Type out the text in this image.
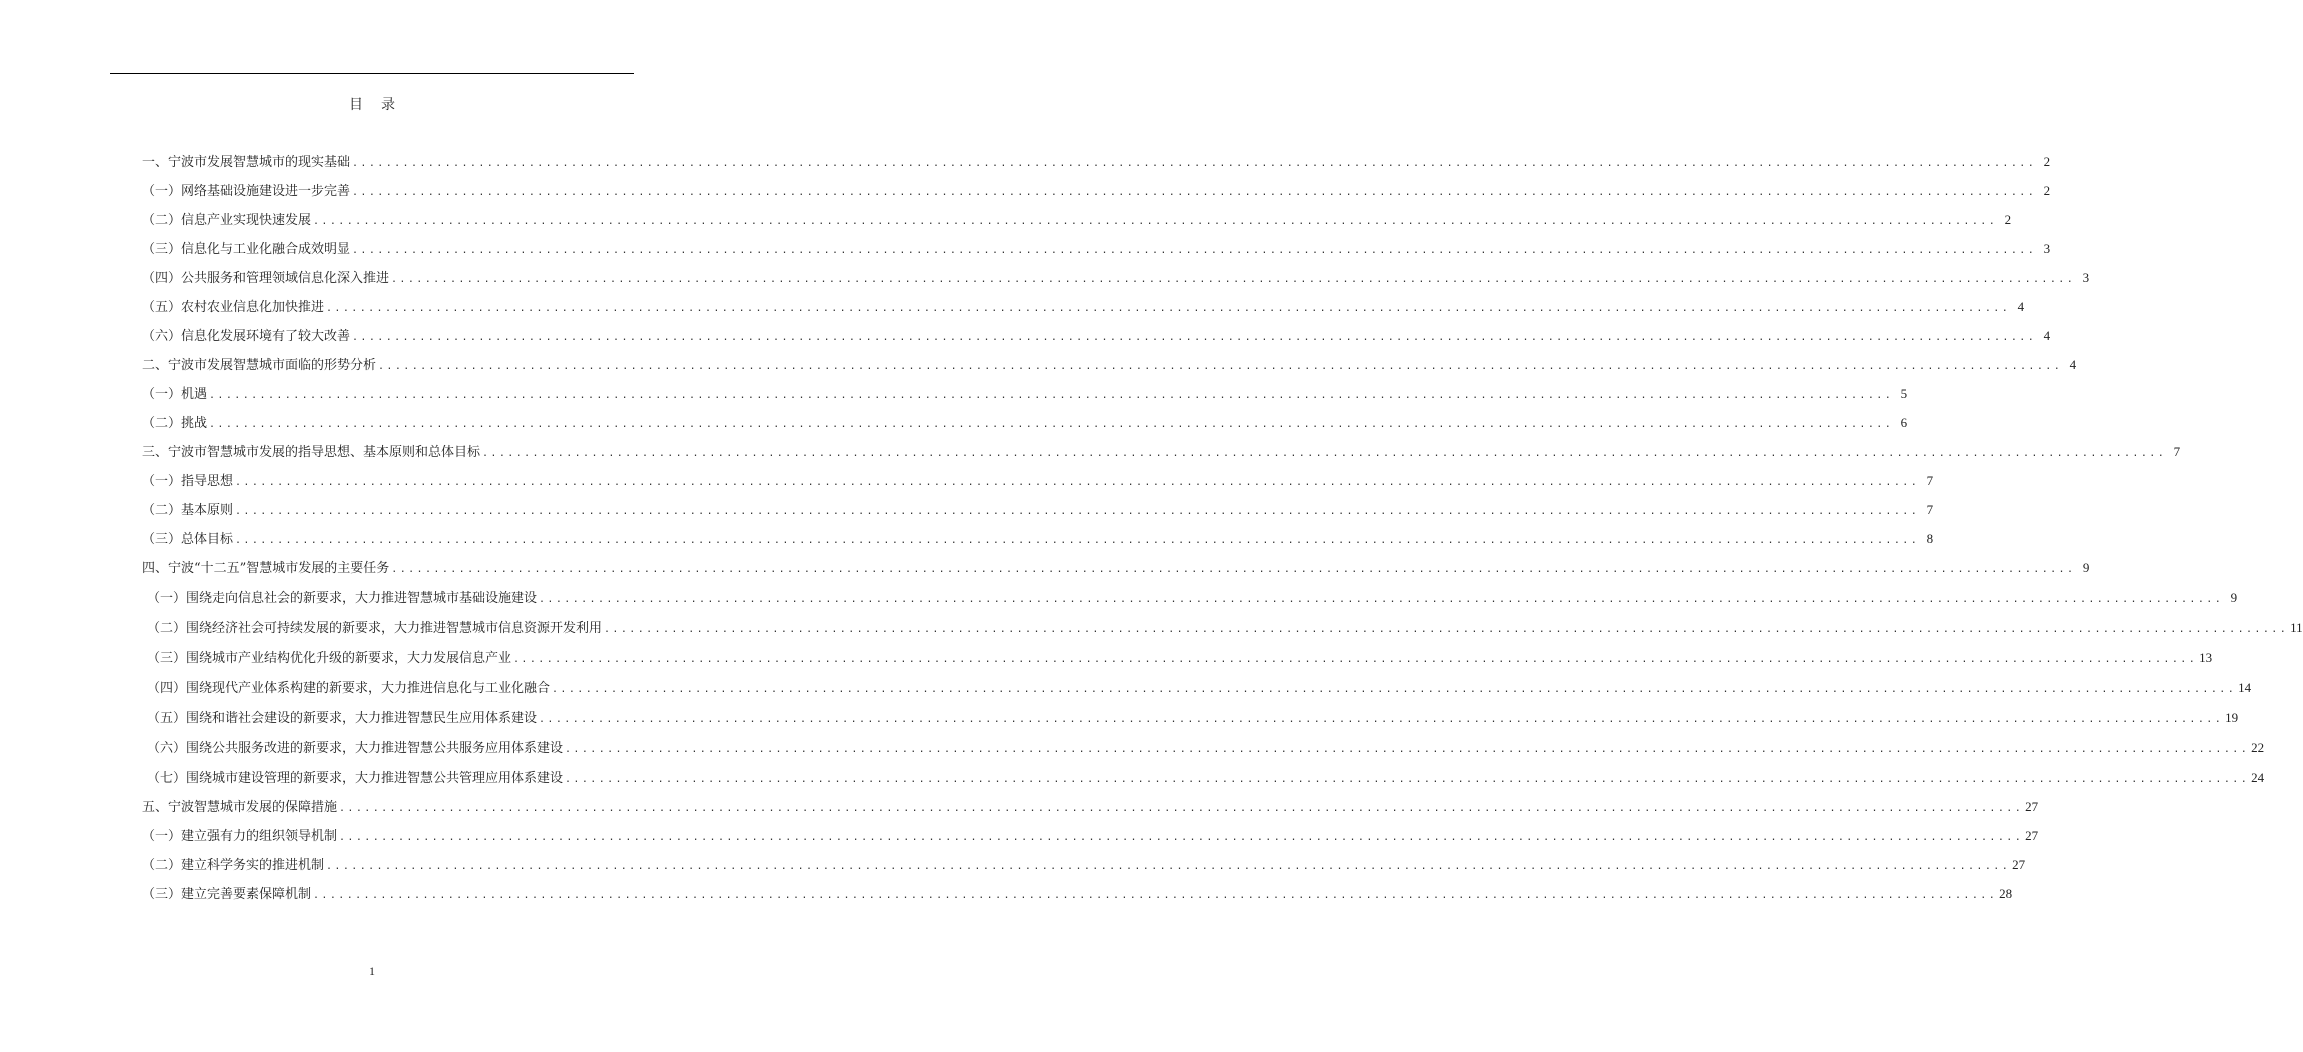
目录
一、宁波市发展智慧城市的现实基础 ........................................................................................................................................................................................................ 2
（一）网络基础设施建设进一步完善 ........................................................................................................................................................................................................ 2
（二）信息产业实现快速发展 ........................................................................................................................................................................................................ 2
（三）信息化与工业化融合成效明显 ........................................................................................................................................................................................................ 3
（四）公共服务和管理领域信息化深入推进 ........................................................................................................................................................................................................ 3
（五）农村农业信息化加快推进 ........................................................................................................................................................................................................ 4
（六）信息化发展环境有了较大改善 ........................................................................................................................................................................................................ 4
二、宁波市发展智慧城市面临的形势分析 ........................................................................................................................................................................................................ 4
（一）机遇 ........................................................................................................................................................................................................ 5
（二）挑战 ........................................................................................................................................................................................................ 6
三、宁波市智慧城市发展的指导思想、基本原则和总体目标 ........................................................................................................................................................................................................ 7
（一）指导思想 ........................................................................................................................................................................................................ 7
（二）基本原则 ........................................................................................................................................................................................................ 7
（三）总体目标 ........................................................................................................................................................................................................ 8
四、宁波“十二五”智慧城市发展的主要任务 ........................................................................................................................................................................................................ 9
（一）围绕走向信息社会的新要求，大力推进智慧城市基础设施建设 ........................................................................................................................................................................................................ 9
（二）围绕经济社会可持续发展的新要求，大力推进智慧城市信息资源开发利用 ........................................................................................................................................................................................................ 11
（三）围绕城市产业结构优化升级的新要求，大力发展信息产业 ........................................................................................................................................................................................................ 13
（四）围绕现代产业体系构建的新要求，大力推进信息化与工业化融合 ........................................................................................................................................................................................................ 14
（五）围绕和谐社会建设的新要求，大力推进智慧民生应用体系建设 ........................................................................................................................................................................................................ 19
（六）围绕公共服务改进的新要求，大力推进智慧公共服务应用体系建设 ........................................................................................................................................................................................................ 22
（七）围绕城市建设管理的新要求，大力推进智慧公共管理应用体系建设 ........................................................................................................................................................................................................ 24
五、宁波智慧城市发展的保障措施 ........................................................................................................................................................................................................ 27
（一）建立强有力的组织领导机制 ........................................................................................................................................................................................................ 27
（二）建立科学务实的推进机制 ........................................................................................................................................................................................................ 27
（三）建立完善要素保障机制 ........................................................................................................................................................................................................ 28
1
